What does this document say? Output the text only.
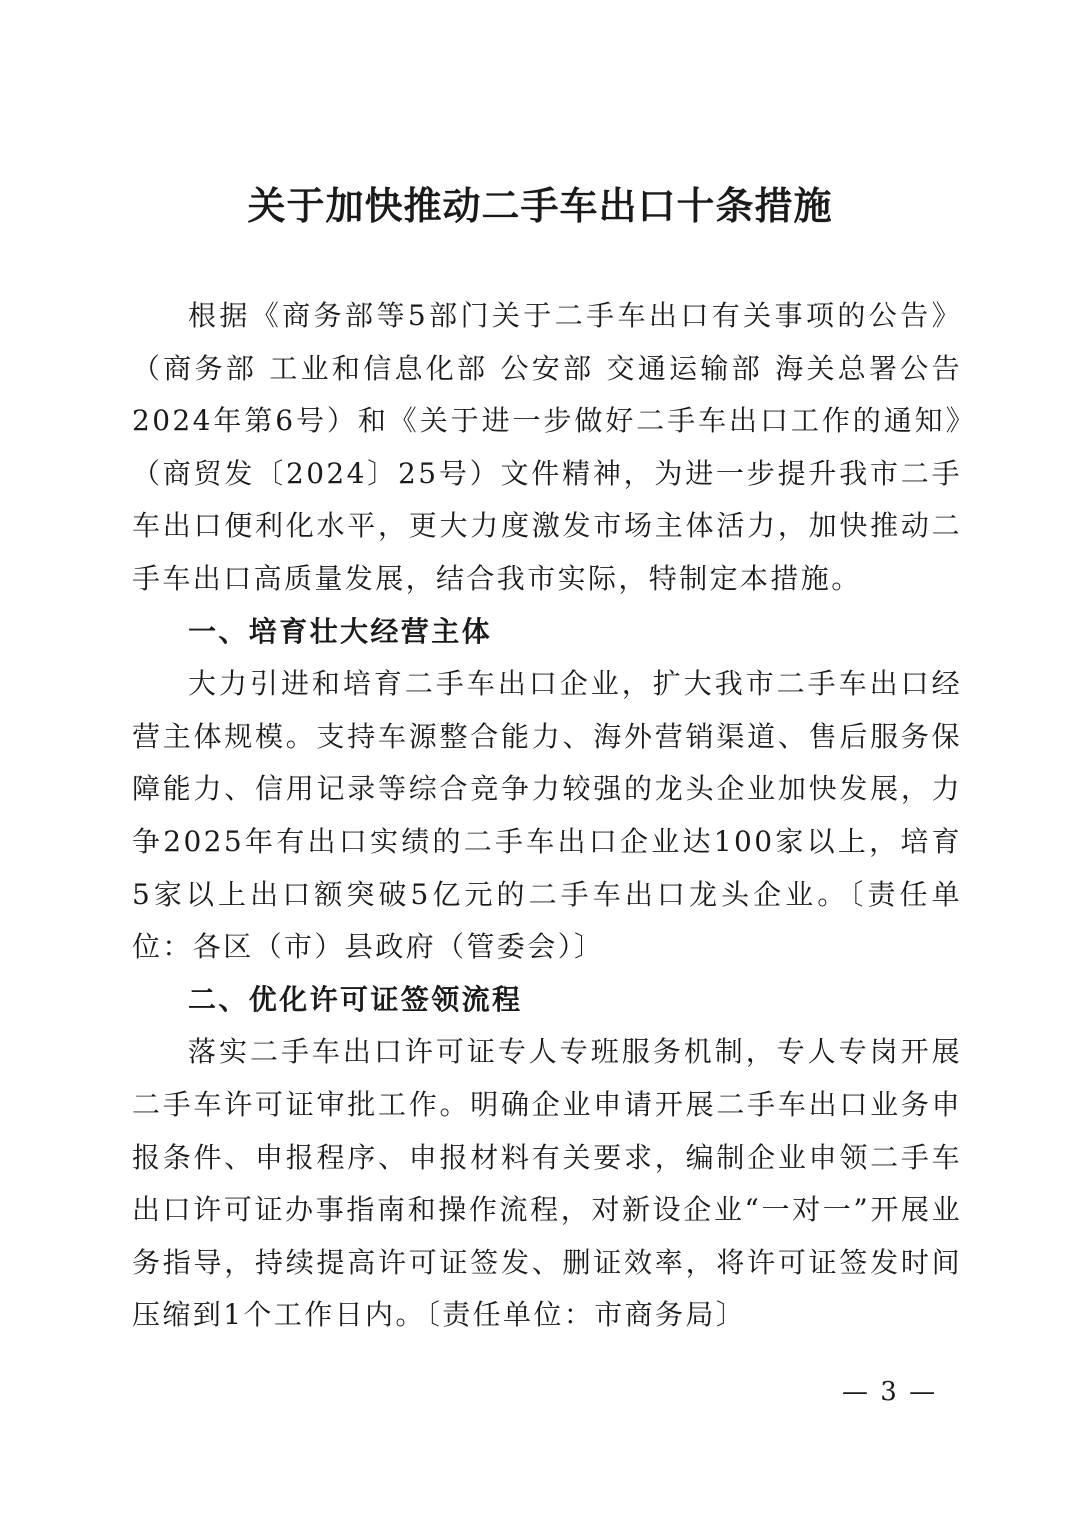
关于加快推动二手车出口十条措施

根据《商务部等5部门关于二手车出口有关事项的公告》（商务部 工业和信息化部 公安部 交通运输部 海关总署公告2024年第6号）和《关于进一步做好二手车出口工作的通知》（商贸发〔2024〕25号）文件精神，为进一步提升我市二手车出口便利化水平，更大力度激发市场主体活力，加快推动二手车出口高质量发展，结合我市实际，特制定本措施。

一、培育壮大经营主体

大力引进和培育二手车出口企业，扩大我市二手车出口经营主体规模。支持车源整合能力、海外营销渠道、售后服务保障能力、信用记录等综合竞争力较强的龙头企业加快发展，力争2025年有出口实绩的二手车出口企业达100家以上，培育5家以上出口额突破5亿元的二手车出口龙头企业。〔责任单位：各区（市）县政府（管委会）〕

二、优化许可证签领流程

落实二手车出口许可证专人专班服务机制，专人专岗开展二手车许可证审批工作。明确企业申请开展二手车出口业务申报条件、申报程序、申报材料有关要求，编制企业申领二手车出口许可证办事指南和操作流程，对新设企业“一对一”开展业务指导，持续提高许可证签发、删证效率，将许可证签发时间压缩到1个工作日内。〔责任单位：市商务局〕

— 3 —
